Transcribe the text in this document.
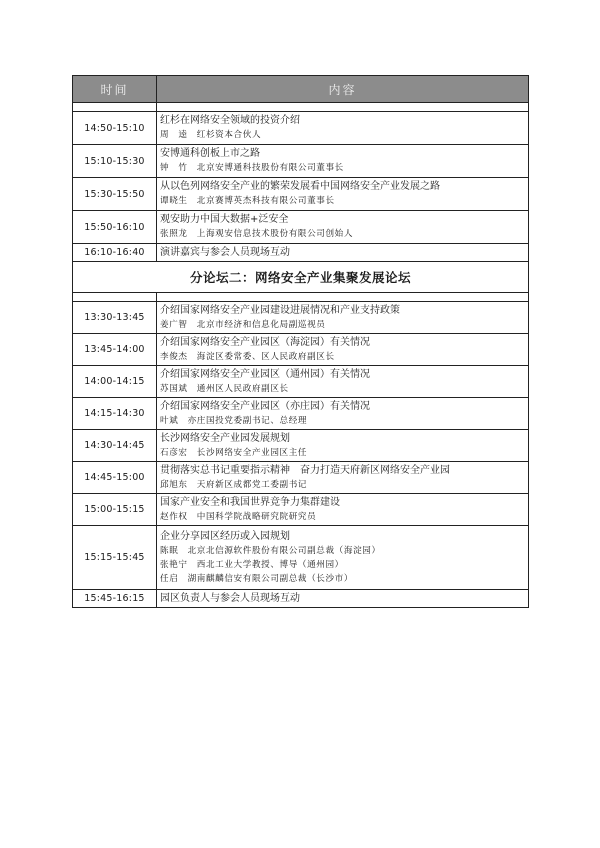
时间	内容

14:50-15:10	红杉在网络安全领域的投资介绍
周　逵　红杉资本合伙人

15:10-15:30	安博通科创板上市之路
钟　竹　北京安博通科技股份有限公司董事长

15:30-15:50	从以色列网络安全产业的繁荣发展看中国网络安全产业发展之路
谭晓生　北京赛博英杰科技有限公司董事长

15:50-16:10	观安助力中国大数据+泛安全
张照龙　上海观安信息技术股份有限公司创始人

16:10-16:40	演讲嘉宾与参会人员现场互动

分论坛二：网络安全产业集聚发展论坛	

13:30-13:45	介绍国家网络安全产业园建设进展情况和产业支持政策
姜广智　北京市经济和信息化局副巡视员

13:45-14:00	介绍国家网络安全产业园区（海淀园）有关情况
李俊杰　海淀区委常委、区人民政府副区长

14:00-14:15	介绍国家网络安全产业园区（通州园）有关情况
苏国斌　通州区人民政府副区长

14:15-14:30	介绍国家网络安全产业园区（亦庄园）有关情况
叶斌　亦庄国投党委副书记、总经理

14:30-14:45	长沙网络安全产业园发展规划
石彦宏　长沙网络安全产业园区主任

14:45-15:00	贯彻落实总书记重要指示精神　奋力打造天府新区网络安全产业园
邱旭东　天府新区成都党工委副书记

15:00-15:15	国家产业安全和我国世界竞争力集群建设
赵作权　中国科学院战略研究院研究员

15:15-15:45	企业分享园区经历或入园规划
陈眠　北京北信源软件股份有限公司副总裁（海淀园）
张艳宁　西北工业大学教授、博导（通州园）
任启　湖南麒麟信安有限公司副总裁（长沙市）

15:45-16:15	园区负责人与参会人员现场互动
